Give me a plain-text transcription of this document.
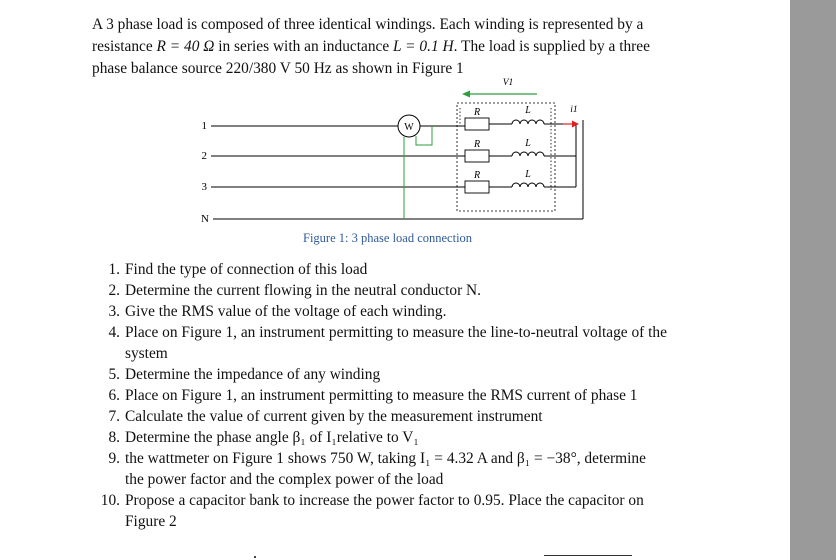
A 3 phase load is composed of three identical windings. Each winding is represented by a
resistance R = 40 Ω in series with an inductance L = 0.1 H. The load is supplied by a three
phase balance source 220/380 V 50 Hz as shown in Figure 1
1
2
3
N
W
R
R
R
L
L
L
V1
i1
Figure 1: 3 phase load connection
1. Find the type of connection of this load
2. Determine the current flowing in the neutral conductor N.
3. Give the RMS value of the voltage of each winding.
4. Place on Figure 1, an instrument permitting to measure the line-to-neutral voltage of the
system
5. Determine the impedance of any winding
6. Place on Figure 1, an instrument permitting to measure the RMS current of phase 1
7. Calculate the value of current given by the measurement instrument
8. Determine the phase angle β₁ of I₁relative to V₁
9. the wattmeter on Figure 1 shows 750 W, taking I₁ = 4.32 A and β₁ = −38°, determine
the power factor and the complex power of the load
10. Propose a capacitor bank to increase the power factor to 0.95. Place the capacitor on
Figure 2
